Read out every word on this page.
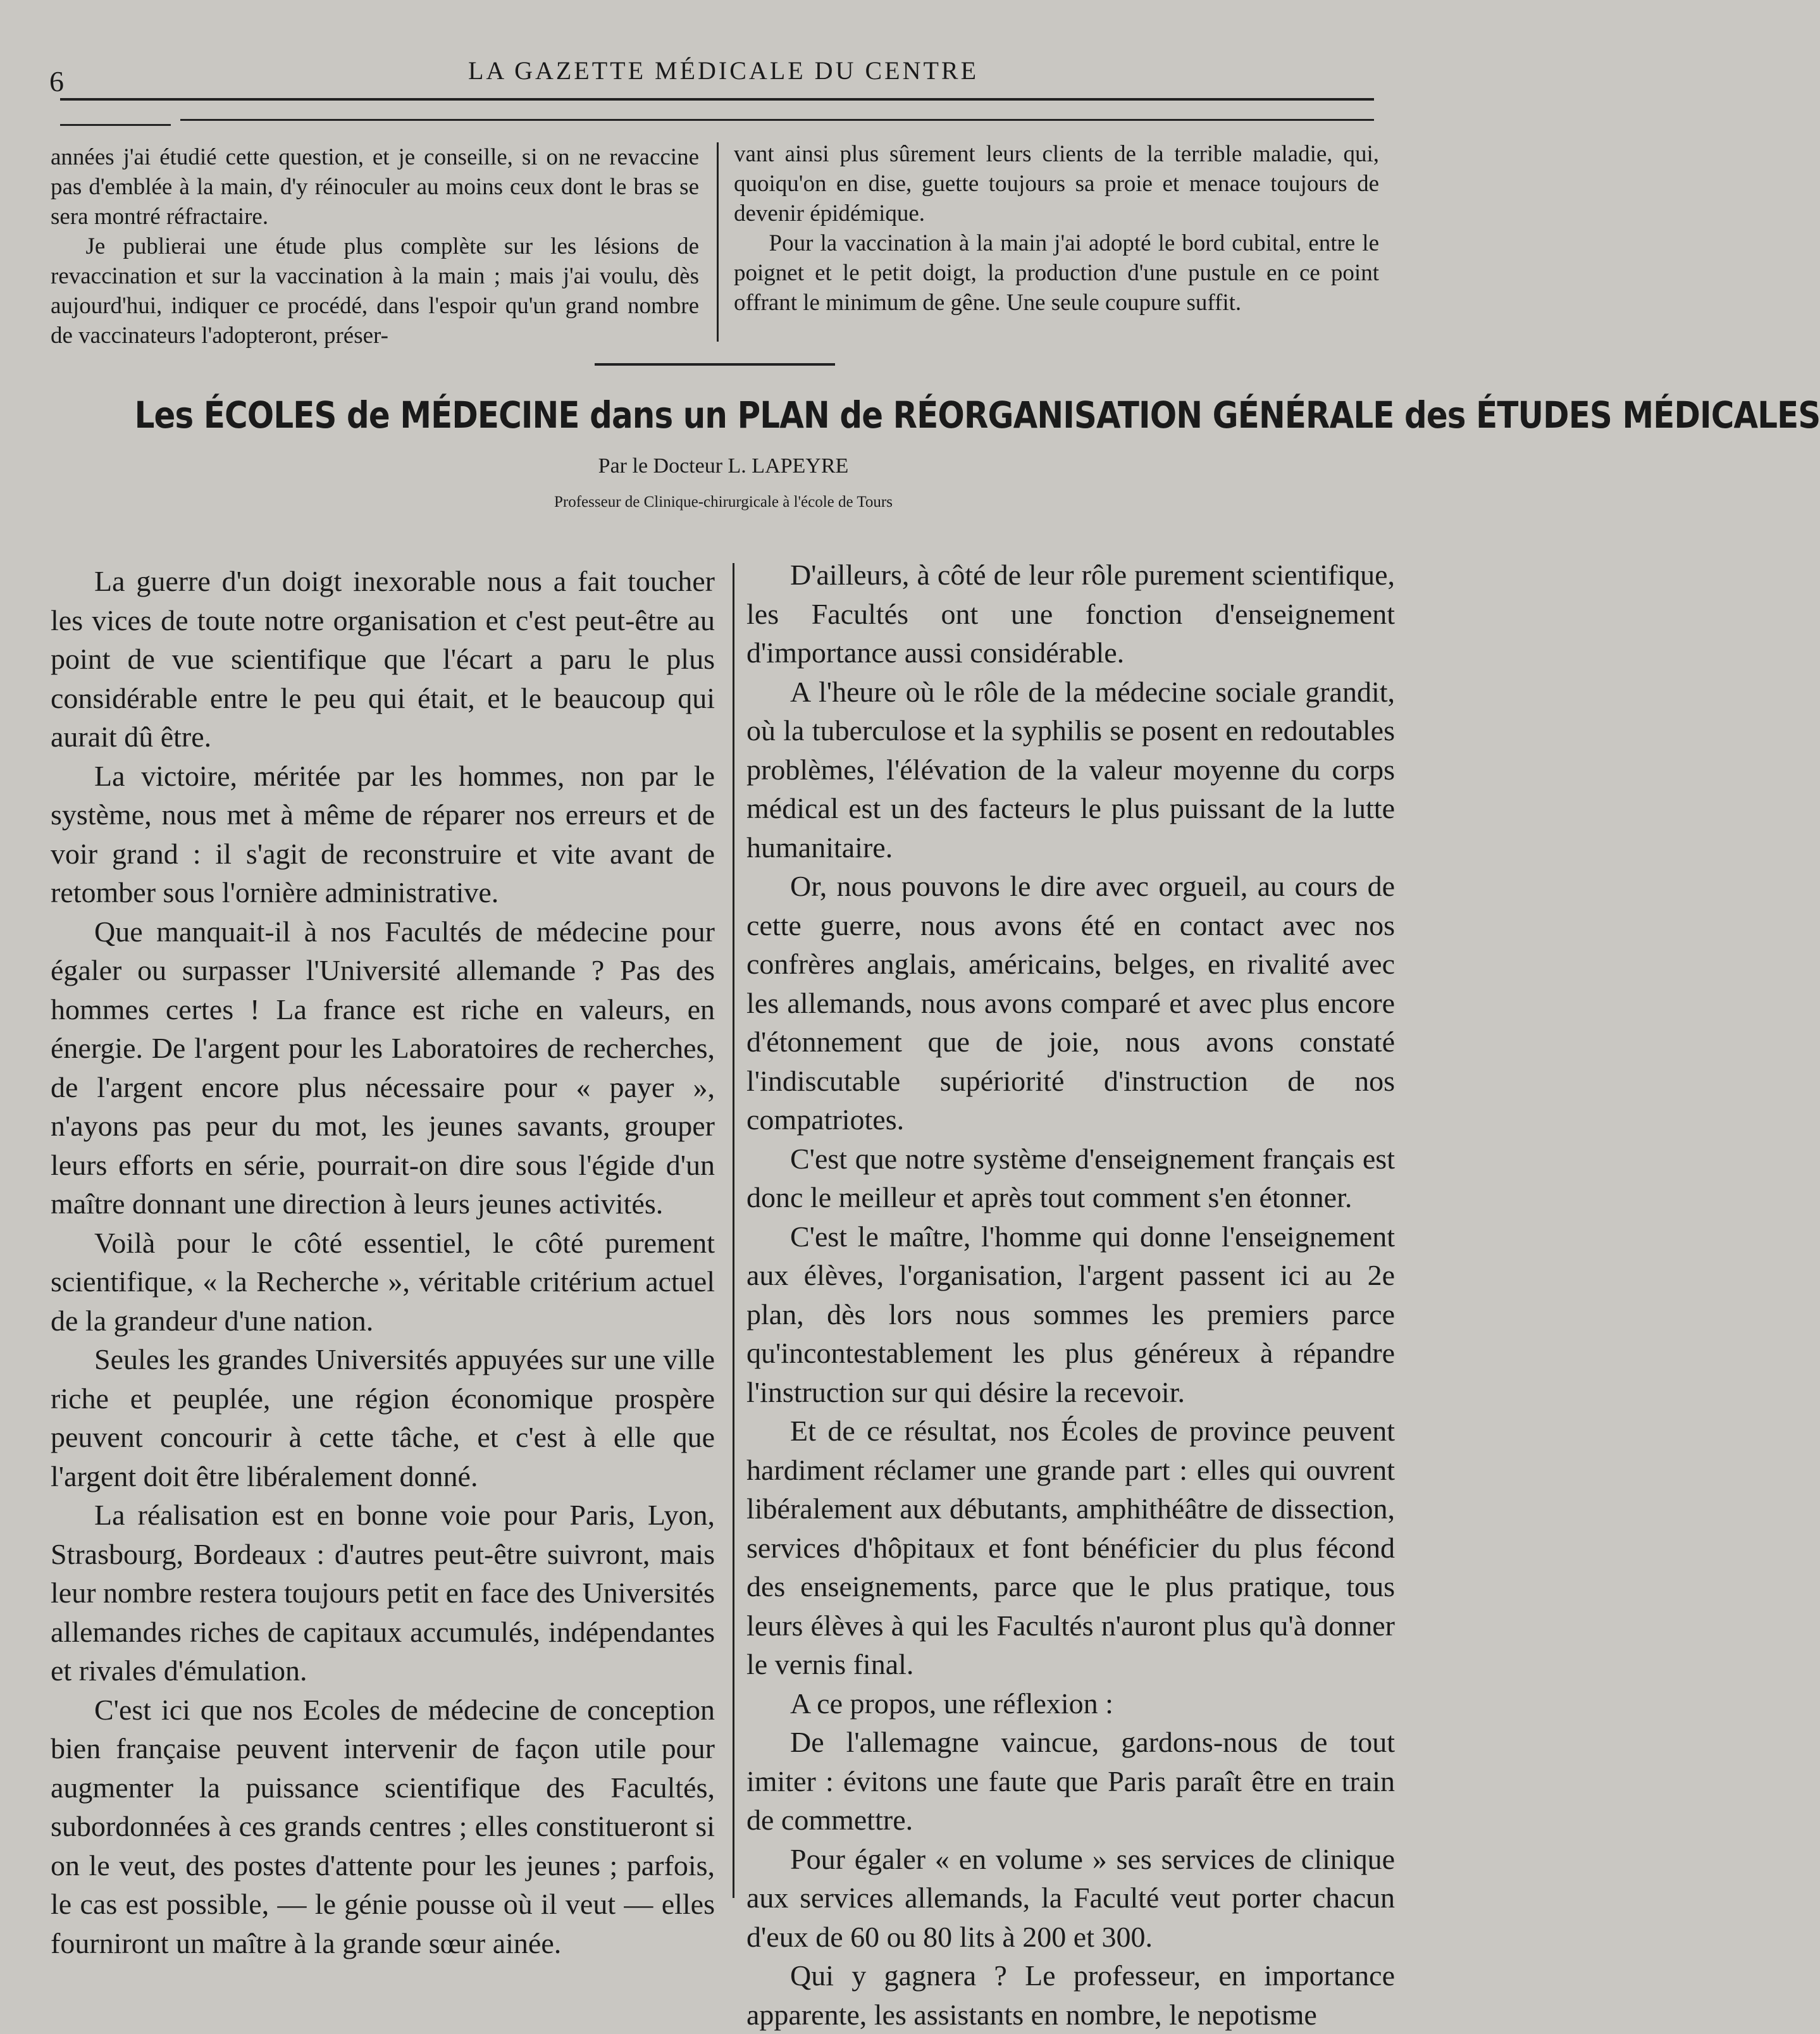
6	LA GAZETTE MÉDICALE DU CENTRE

années j'ai étudié cette question, et je conseille, si on ne revaccine pas d'emblée à la main, d'y réinoculer au moins ceux dont le bras se sera montré réfractaire.

Je publierai une étude plus complète sur les lésions de revaccination et sur la vaccination à la main ; mais j'ai voulu, dès aujourd'hui, indiquer ce procédé, dans l'espoir qu'un grand nombre de vaccinateurs l'adopteront, préser-

vant ainsi plus sûrement leurs clients de la terrible maladie, qui, quoiqu'on en dise, guette toujours sa proie et menace toujours de devenir épidémique.

Pour la vaccination à la main j'ai adopté le bord cubital, entre le poignet et le petit doigt, la production d'une pustule en ce point offrant le minimum de gêne. Une seule coupure suffit.

Les ÉCOLES de MÉDECINE dans un PLAN de RÉORGANISATION GÉNÉRALE des ÉTUDES MÉDICALES
Par le Docteur L. LAPEYRE
Professeur de Clinique-chirurgicale à l'école de Tours

La guerre d'un doigt inexorable nous a fait toucher les vices de toute notre organisation et c'est peut-être au point de vue scientifique que l'écart a paru le plus considérable entre le peu qui était, et le beaucoup qui aurait dû être.

La victoire, méritée par les hommes, non par le système, nous met à même de réparer nos erreurs et de voir grand : il s'agit de reconstruire et vite avant de retomber sous l'ornière administrative.

Que manquait-il à nos Facultés de médecine pour égaler ou surpasser l'Université allemande ? Pas des hommes certes ! La france est riche en valeurs, en énergie. De l'argent pour les Laboratoires de recherches, de l'argent encore plus nécessaire pour « payer », n'ayons pas peur du mot, les jeunes savants, grouper leurs efforts en série, pourrait-on dire sous l'égide d'un maître donnant une direction à leurs jeunes activités.

Voilà pour le côté essentiel, le côté purement scientifique, « la Recherche », véritable critérium actuel de la grandeur d'une nation.

Seules les grandes Universités appuyées sur une ville riche et peuplée, une région économique prospère peuvent concourir à cette tâche, et c'est à elle que l'argent doit être libéralement donné.

La réalisation est en bonne voie pour Paris, Lyon, Strasbourg, Bordeaux : d'autres peut-être suivront, mais leur nombre restera toujours petit en face des Universités allemandes riches de capitaux accumulés, indépendantes et rivales d'émulation.

C'est ici que nos Ecoles de médecine de conception bien française peuvent intervenir de façon utile pour augmenter la puissance scientifique des Facultés, subordonnées à ces grands centres ; elles constitueront si on le veut, des postes d'attente pour les jeunes ; parfois, le cas est possible, — le génie pousse où il veut — elles fourniront un maître à la grande sœur ainée.

D'ailleurs, à côté de leur rôle purement scientifique, les Facultés ont une fonction d'enseignement d'importance aussi considérable.

A l'heure où le rôle de la médecine sociale grandit, où la tuberculose et la syphilis se posent en redoutables problèmes, l'élévation de la valeur moyenne du corps médical est un des facteurs le plus puissant de la lutte humanitaire.

Or, nous pouvons le dire avec orgueil, au cours de cette guerre, nous avons été en contact avec nos confrères anglais, américains, belges, en rivalité avec les allemands, nous avons comparé et avec plus encore d'étonnement que de joie, nous avons constaté l'indiscutable supériorité d'instruction de nos compatriotes.

C'est que notre système d'enseignement français est donc le meilleur et après tout comment s'en étonner.

C'est le maître, l'homme qui donne l'enseignement aux élèves, l'organisation, l'argent passent ici au 2e plan, dès lors nous sommes les premiers parce qu'incontestablement les plus généreux à répandre l'instruction sur qui désire la recevoir.

Et de ce résultat, nos Écoles de province peuvent hardiment réclamer une grande part : elles qui ouvrent libéralement aux débutants, amphithéâtre de dissection, services d'hôpitaux et font bénéficier du plus fécond des enseignements, parce que le plus pratique, tous leurs élèves à qui les Facultés n'auront plus qu'à donner le vernis final.

A ce propos, une réflexion :

De l'allemagne vaincue, gardons-nous de tout imiter : évitons une faute que Paris paraît être en train de commettre.

Pour égaler « en volume » ses services de clinique aux services allemands, la Faculté veut porter chacun d'eux de 60 ou 80 lits à 200 et 300.

Qui y gagnera ? Le professeur, en importance apparente, les assistants en nombre, le nepotisme
